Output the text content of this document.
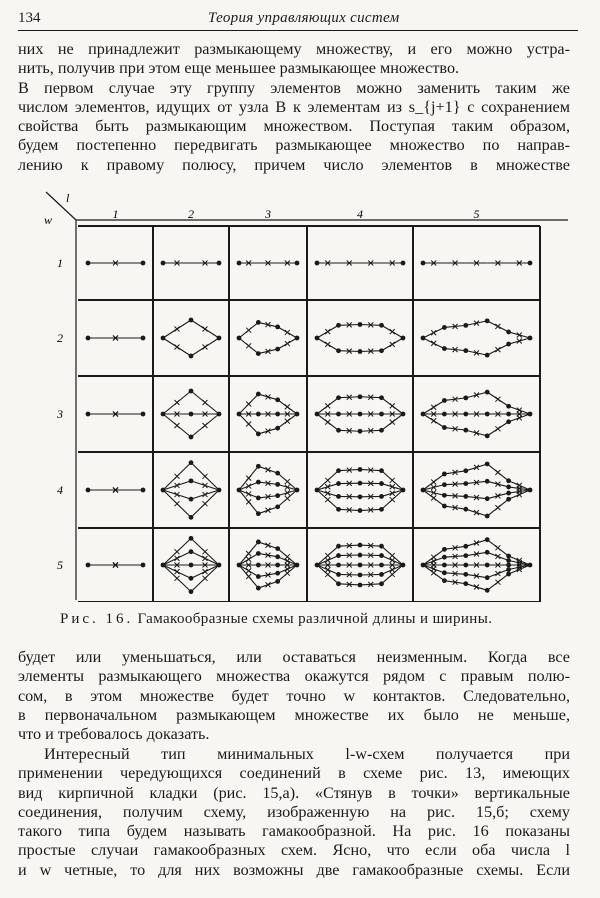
134	Теория управляющих систем
них не принадлежит размыкающему множеству, и его можно устра-
нить, получив при этом еще меньшее размыкающее множество.
В первом случае эту группу элементов можно заменить таким же
числом элементов, идущих от узла B к элементам из s_{j+1} с сохранением
свойства быть размыкающим множеством. Поступая таким образом,
будем постепенно передвигать размыкающее множество по направ-
лению к правому полюсу, причем число элементов в множестве
l
w	1	2	3	4	5
1
2
3
4
5
Рис. 16. Гамакообразные схемы различной длины и ширины.
будет или уменьшаться, или оставаться неизменным. Когда все
элементы размыкающего множества окажутся рядом с правым полю-
сом, в этом множестве будет точно w контактов. Следовательно,
в первоначальном размыкающем множестве их было не меньше,
что и требовалось доказать.
Интересный тип минимальных l-w-схем получается при
применении чередующихся соединений в схеме рис. 13, имеющих
вид кирпичной кладки (рис. 15,а). «Стянув в точки» вертикальные
соединения, получим схему, изображенную на рис. 15,б; схему
такого типа будем называть гамакообразной. На рис. 16 показаны
простые случаи гамакообразных схем. Ясно, что если оба числа l
и w четные, то для них возможны две гамакообразные схемы. Если
